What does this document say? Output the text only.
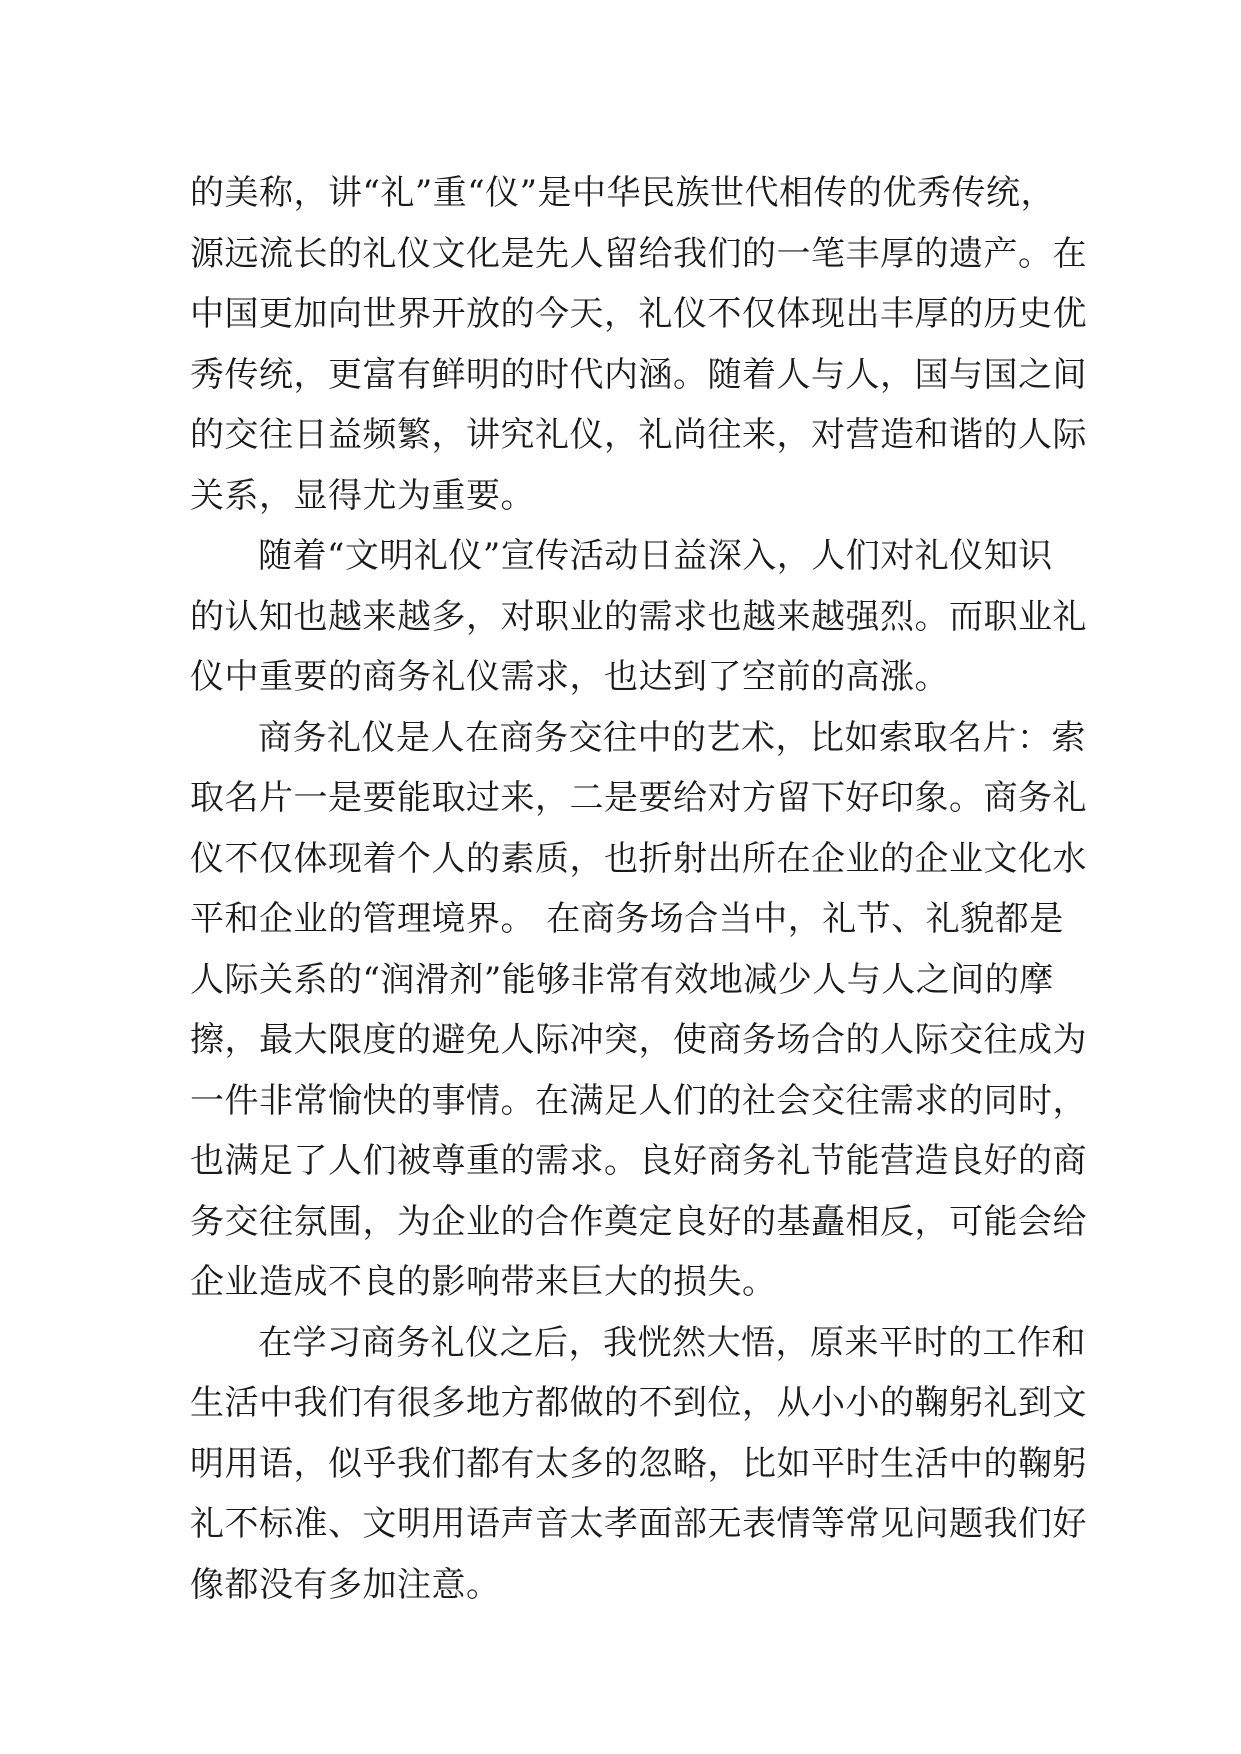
的美称，讲“礼”重“仪”是中华民族世代相传的优秀传统，
源远流长的礼仪文化是先人留给我们的一笔丰厚的遗产。在
中国更加向世界开放的今天，礼仪不仅体现出丰厚的历史优
秀传统，更富有鲜明的时代内涵。随着人与人，国与国之间
的交往日益频繁，讲究礼仪，礼尚往来，对营造和谐的人际
关系，显得尤为重要。
随着“文明礼仪”宣传活动日益深入，人们对礼仪知识
的认知也越来越多，对职业的需求也越来越强烈。而职业礼
仪中重要的商务礼仪需求，也达到了空前的高涨。
商务礼仪是人在商务交往中的艺术，比如索取名片：索
取名片一是要能取过来，二是要给对方留下好印象。商务礼
仪不仅体现着个人的素质，也折射出所在企业的企业文化水
平和企业的管理境界。 在商务场合当中，礼节、礼貌都是
人际关系的“润滑剂”能够非常有效地减少人与人之间的摩
擦，最大限度的避免人际冲突，使商务场合的人际交往成为
一件非常愉快的事情。在满足人们的社会交往需求的同时，
也满足了人们被尊重的需求。良好商务礼节能营造良好的商
务交往氛围，为企业的合作奠定良好的基矗相反，可能会给
企业造成不良的影响带来巨大的损失。
在学习商务礼仪之后，我恍然大悟，原来平时的工作和
生活中我们有很多地方都做的不到位，从小小的鞠躬礼到文
明用语，似乎我们都有太多的忽略，比如平时生活中的鞠躬
礼不标准、文明用语声音太孝面部无表情等常见问题我们好
像都没有多加注意。
